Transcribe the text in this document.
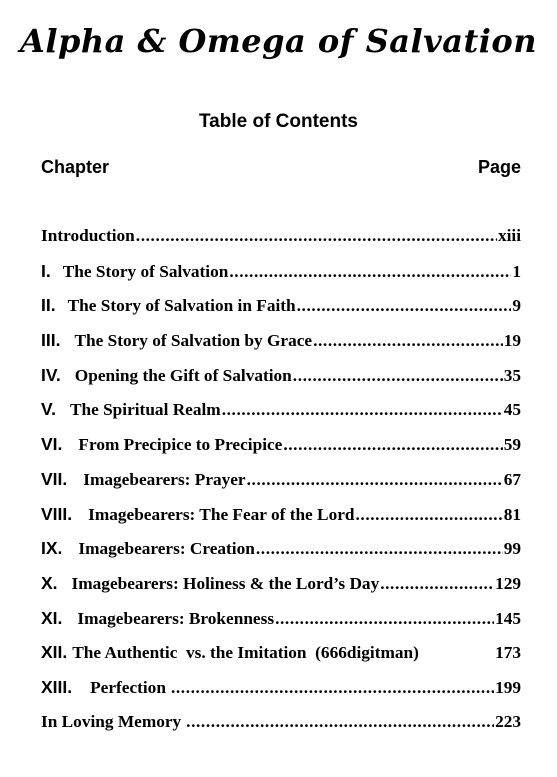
Alpha & Omega of Salvation
Table of Contents
Chapter	Page
Introduction .....	xiii
I. The Story of Salvation .....	1
II. The Story of Salvation in Faith .....	9
III. The Story of Salvation by Grace .....	19
IV. Opening the Gift of Salvation .....	35
V. The Spiritual Realm .....	45
VI. From Precipice to Precipice .....	59
VII. Imagebearers: Prayer .....	67
VIII. Imagebearers: The Fear of the Lord .....	81
IX. Imagebearers: Creation .....	99
X. Imagebearers: Holiness & the Lord’s Day .....	129
XI. Imagebearers: Brokenness .....	145
XII. The Authentic  vs. the Imitation  (666digitman)	173
XIII. Perfection .....	199
In Loving Memory .....	223
